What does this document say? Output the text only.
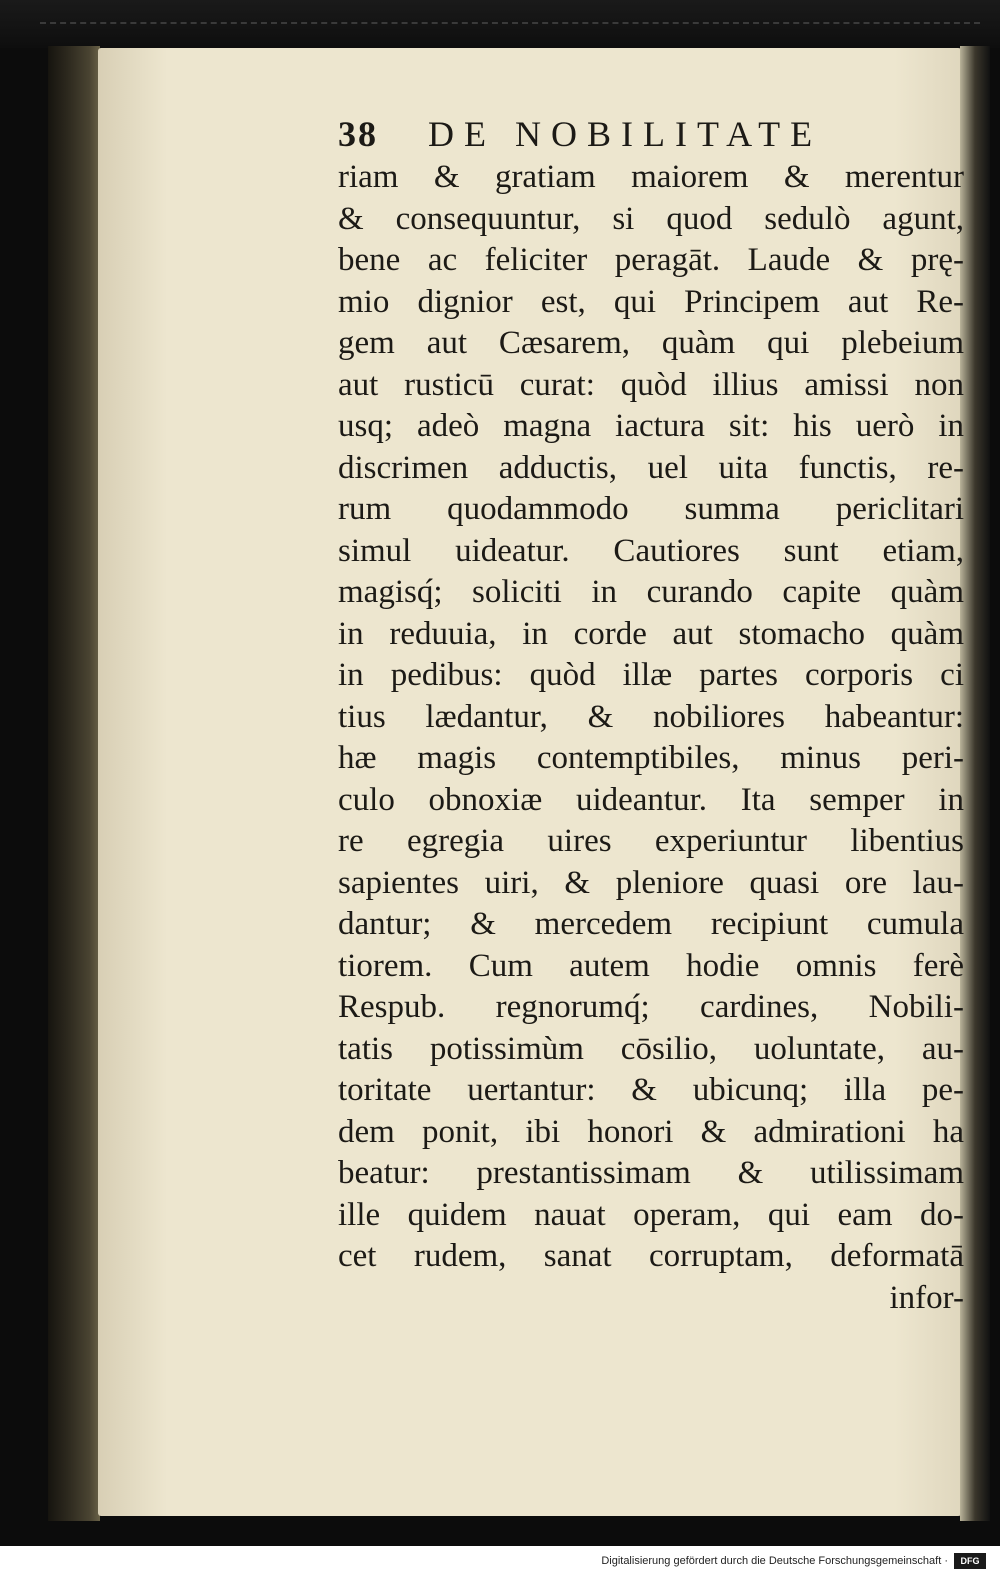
38	DE NOBILITATE
riam & gratiam maiorem & merentur
& consequuntur, si quod sedulò agunt,
bene ac feliciter peragāt. Laude & prę-
mio dignior est, qui Principem aut Re-
gem aut Cæsarem, quàm qui plebeium
aut rusticū curat: quòd illius amissi non
usq; adeò magna iactura sit: his uerò in
discrimen adductis, uel uita functis, re-
rum quodammodo summa periclitari
simul uideatur. Cautiores sunt etiam,
magisq́; soliciti in curando capite quàm
in reduuia, in corde aut stomacho quàm
in pedibus: quòd illæ partes corporis ci
tius lædantur, & nobiliores habeantur:
hæ magis contemptibiles, minus peri-
culo obnoxiæ uideantur. Ita semper in
re egregia uires experiuntur libentius
sapientes uiri, & pleniore quasi ore lau-
dantur; & mercedem recipiunt cumula
tiorem. Cum autem hodie omnis ferè
Respub. regnorumq́; cardines, Nobili-
tatis potissimùm cōsilio, uoluntate, au-
toritate uertantur: & ubicunq; illa pe-
dem ponit, ibi honori & admirationi ha
beatur: prestantissimam & utilissimam
ille quidem nauat operam, qui eam do-
cet rudem, sanat corruptam, deformatā
infor-
Digitalisierung gefördert durch die Deutsche Forschungsgemeinschaft ·	DFG
